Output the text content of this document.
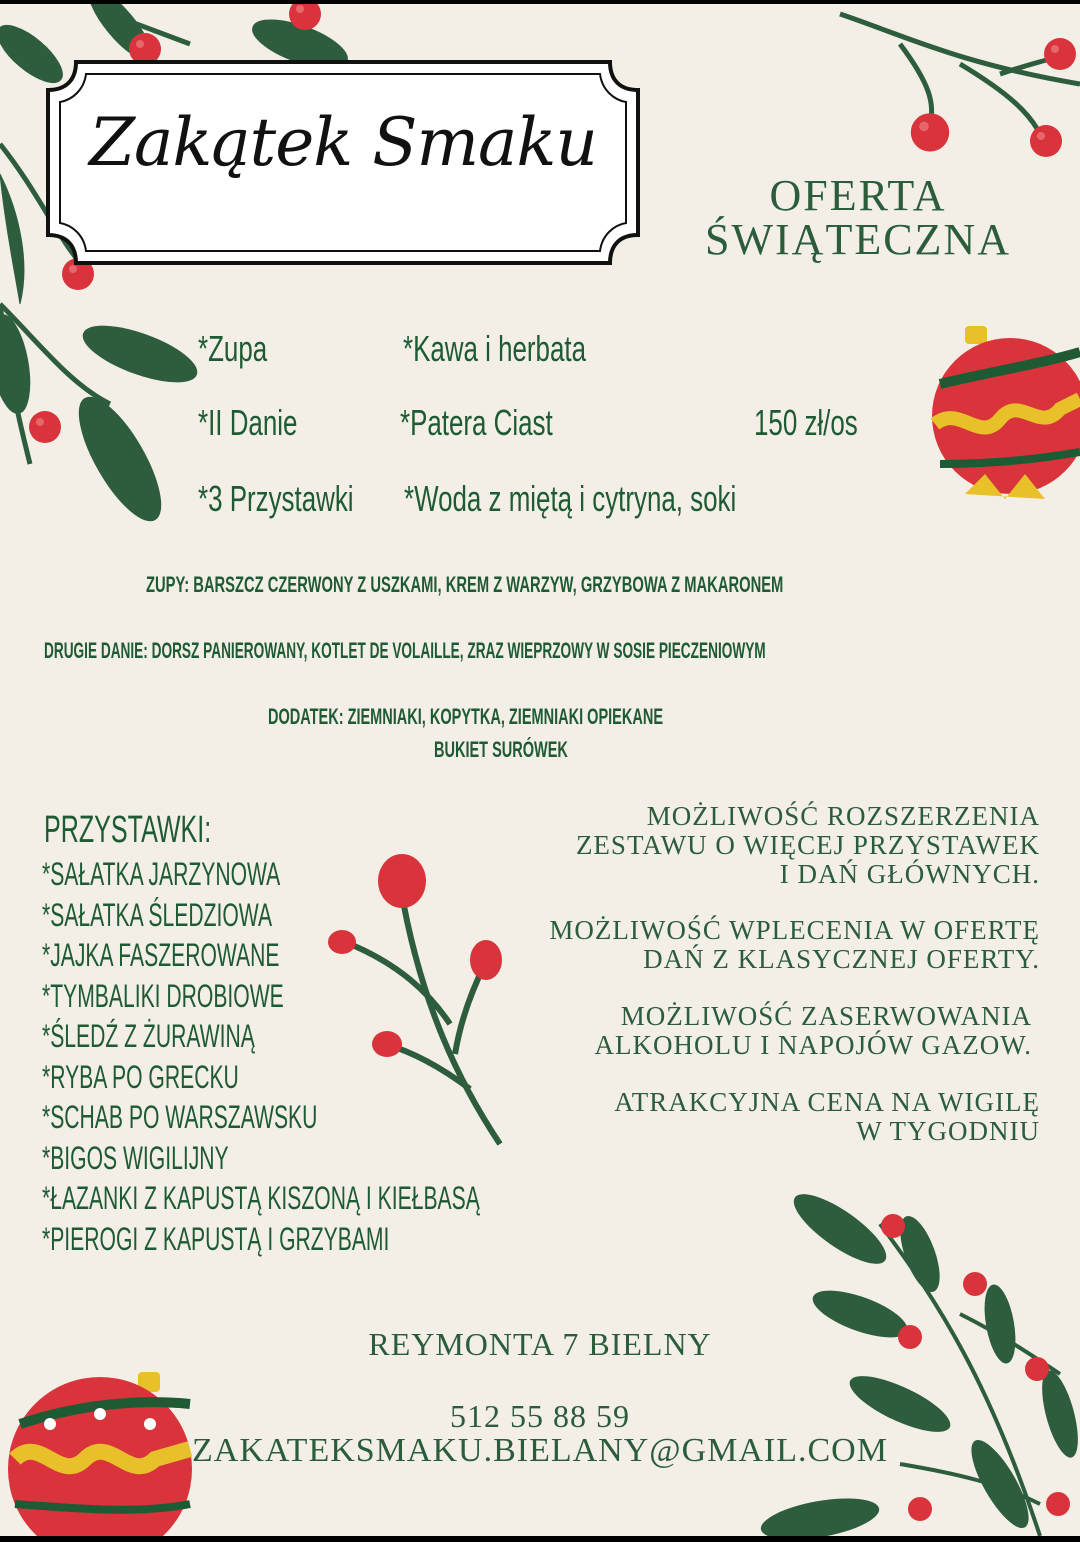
Zakątek Smaku
OFERTA
ŚWIĄTECZNA
*Zupa
*II Danie
*3 Przystawki
*Kawa i herbata
*Patera Ciast
*Woda z miętą i cytryna, soki
150 zł/os
ZUPY: BARSZCZ CZERWONY Z USZKAMI, KREM Z WARZYW, GRZYBOWA Z MAKARONEM
DRUGIE DANIE: DORSZ PANIEROWANY, KOTLET DE VOLAILLE, ZRAZ WIEPRZOWY W SOSIE PIECZENIOWYM
DODATEK: ZIEMNIAKI, KOPYTKA, ZIEMNIAKI OPIEKANE
BUKIET SURÓWEK
PRZYSTAWKI:
*SAŁATKA JARZYNOWA
*SAŁATKA ŚLEDZIOWA
*JAJKA FASZEROWANE
*TYMBALIKI DROBIOWE
*ŚLEDŹ Z ŻURAWINĄ
*RYBA PO GRECKU
*SCHAB PO WARSZAWSKU
*BIGOS WIGILIJNY
*ŁAZANKI Z KAPUSTĄ KISZONĄ I KIEŁBASĄ
*PIEROGI Z KAPUSTĄ I GRZYBAMI
MOŻLIWOŚĆ ROZSZERZENIA
ZESTAWU O WIĘCEJ PRZYSTAWEK
I DAŃ GŁÓWNYCH.
MOŻLIWOŚĆ WPLECENIA W OFERTĘ
DAŃ Z KLASYCZNEJ OFERTY.
MOŻLIWOŚĆ ZASERWOWANIA
ALKOHOLU I NAPOJÓW GAZOW.
ATRAKCYJNA CENA NA WIGILĘ
W TYGODNIU
REYMONTA 7 BIELNY
512 55 88 59
ZAKATEKSMAKU.BIELANY@GMAIL.COM
